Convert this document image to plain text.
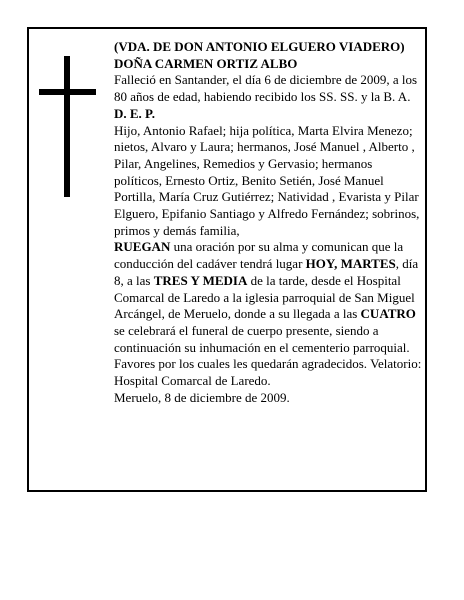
(VDA. DE DON ANTONIO ELGUERO VIADERO)

DOÑA CARMEN ORTIZ ALBO

Falleció en Santander, el día 6 de diciembre de 2009, a los 80 años de edad, habiendo recibido los SS. SS. y la B. A.

D. E. P.

Hijo, Antonio Rafael; hija política, Marta Elvira Menezo; nietos, Alvaro y Laura; hermanos, José Manuel , Alberto , Pilar, Angelines, Remedios y Gervasio; hermanos políticos, Ernesto Ortiz, Benito Setién, José Manuel Portilla, María Cruz Gutiérrez; Natividad , Evarista y Pilar Elguero, Epifanio Santiago y Alfredo Fernández; sobrinos, primos y demás familia,

RUEGAN una oración por su alma y comunican que la conducción del cadáver tendrá lugar HOY, MARTES, día 8, a las TRES Y MEDIA de la tarde, desde el Hospital Comarcal de Laredo a la iglesia parroquial de San Miguel Arcángel, de Meruelo, donde a su llegada a las CUATRO se celebrará el funeral de cuerpo presente, siendo a continuación su inhumación en el cementerio parroquial. Favores por los cuales les quedarán agradecidos. Velatorio: Hospital Comarcal de Laredo.

Meruelo, 8 de diciembre de 2009.
